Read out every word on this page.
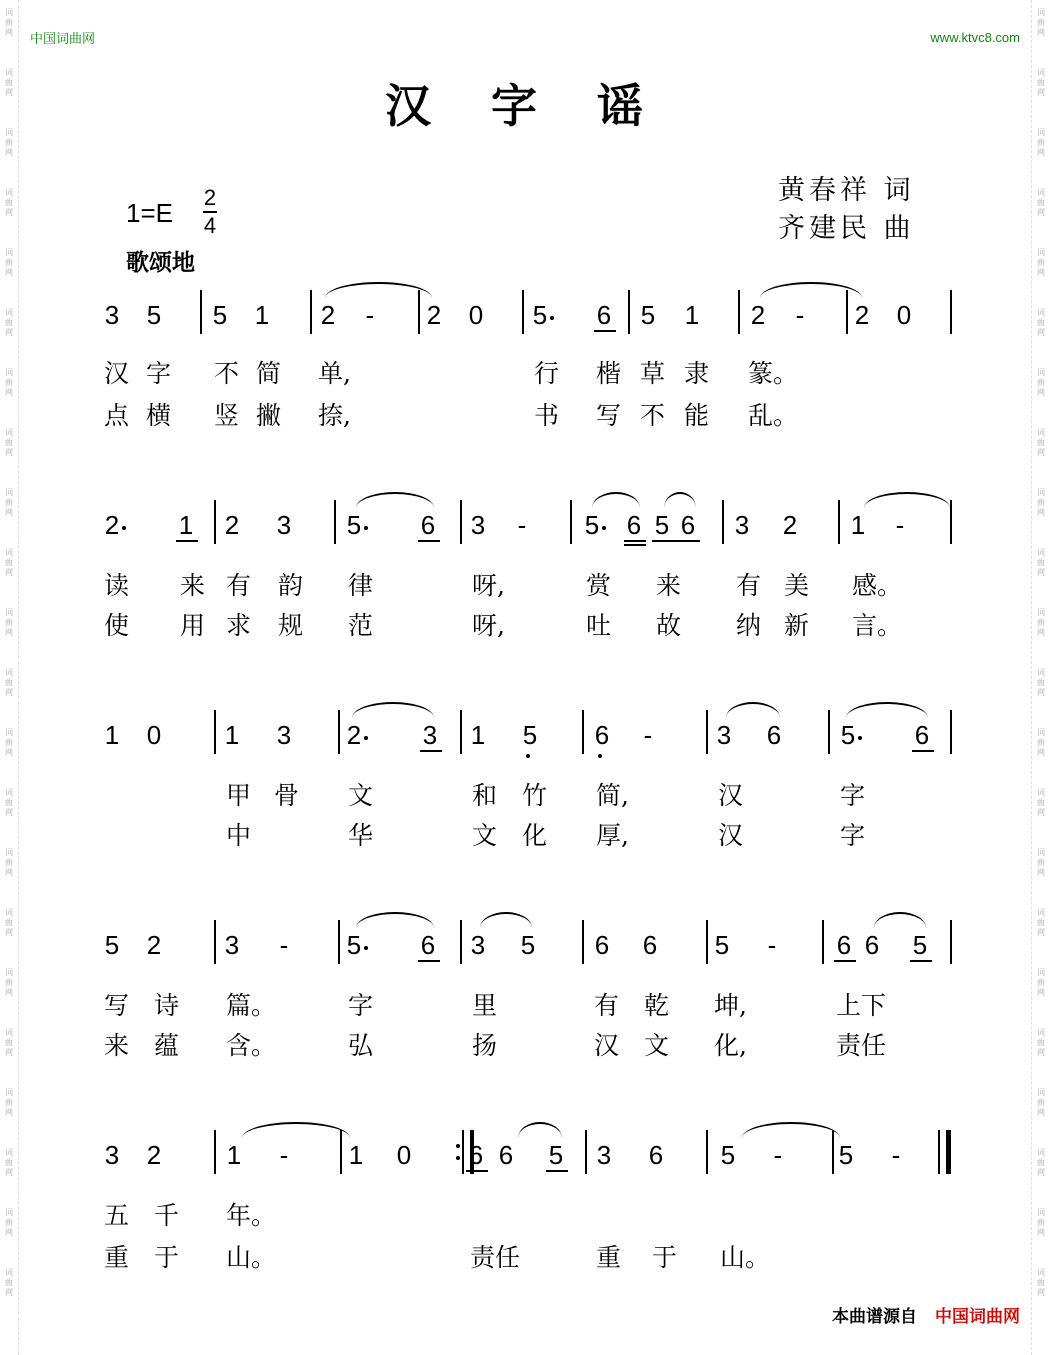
词
曲
网
词
曲
网
词
曲
网
词
曲
网
词
曲
网
词
曲
网
词
曲
网
词
曲
网
词
曲
网
词
曲
网
词
曲
网
词
曲
网
词
曲
网
词
曲
网
词
曲
网
词
曲
网
词
曲
网
词
曲
网
词
曲
网
词
曲
网
词
曲
网
词
曲
网
词
曲
网
词
曲
网
词
曲
网
词
曲
网
词
曲
网
词
曲
网
词
曲
网
词
曲
网
词
曲
网
词
曲
网
词
曲
网
词
曲
网
词
曲
网
词
曲
网
词
曲
网
词
曲
网
词
曲
网
词
曲
网
词
曲
网
词
曲
网
词
曲
网
词
曲
网
中国词曲网	www.ktvc8.com
汉 字 谣
黄春祥 词
齐建民 曲
1=E
2
4
歌颂地
3 5 5 1 2 - 2 0 5 6 5 1 2 - 2 0
汉 字 不 简 单,	行 楷 草 隶 篆。
点 横 竖 撇 捺,	书 写 不 能 乱。
2 1 2 3 5 6 3 - 5 6 5 6 3 2 1 -
读 来 有 韵 律	呀,	赏 来 有 美 感。
使 用 求 规 范	呀,	吐 故 纳 新 言。
1 0 1 3 2 3 1 5 6 - 3 6 5 6
甲 骨 文	和 竹 简,	汉	字
中	华	文 化 厚,	汉	字
5 2 3 - 5 6 3 5 6 6 5 - 6 6 5
写 诗 篇。	字	里	有 乾 坤,	上下
来 蕴 含。	弘	扬	汉 文 化,	责任
3 2	1 - 1 0 6 6 5 3 6 5 - 5 -
五 千 年。
重 于 山。	责任	重 于 山。
本曲谱源自 中国词曲网
